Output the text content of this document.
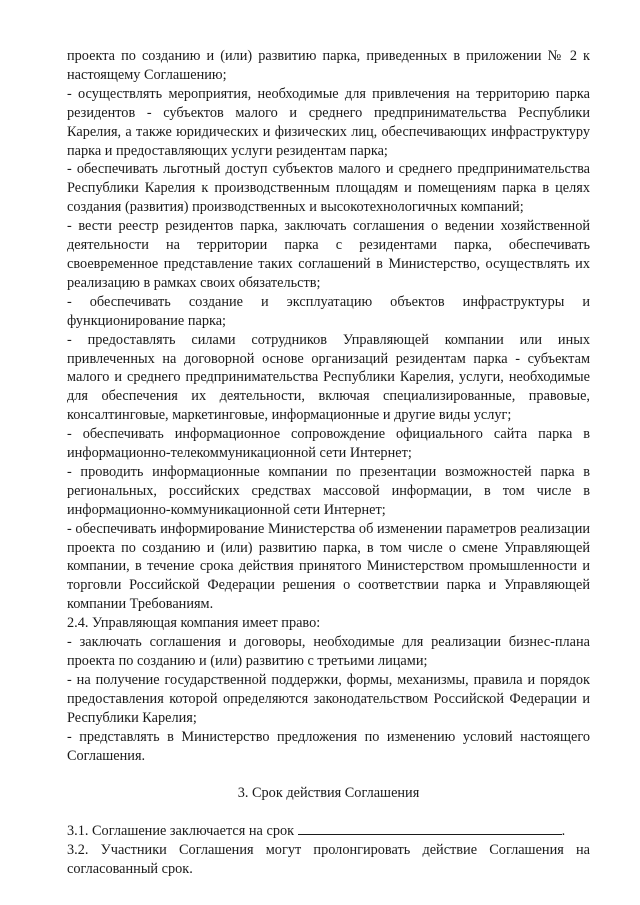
проекта по созданию и (или) развитию парка, приведенных в приложении № 2 к настоящему Соглашению;

- осуществлять мероприятия, необходимые для привлечения на территорию парка резидентов - субъектов малого и среднего предпринимательства Республики Карелия, а также юридических и физических лиц, обеспечивающих инфраструктуру парка и предоставляющих услуги резидентам парка;

- обеспечивать льготный доступ субъектов малого и среднего предпринимательства Республики Карелия к производственным площадям и помещениям парка в целях создания (развития) производственных и высокотехнологичных компаний;

- вести реестр резидентов парка, заключать соглашения о ведении хозяйственной деятельности на территории парка с резидентами парка, обеспечивать своевременное представление таких соглашений в Министерство, осуществлять их реализацию в рамках своих обязательств;

- обеспечивать создание и эксплуатацию объектов инфраструктуры и функционирование парка;

- предоставлять силами сотрудников Управляющей компании или иных привлеченных на договорной основе организаций резидентам парка - субъектам малого и среднего предпринимательства Республики Карелия, услуги, необходимые для обеспечения их деятельности, включая специализированные, правовые, консалтинговые, маркетинговые, информационные и другие виды услуг;

- обеспечивать информационное сопровождение официального сайта парка в информационно-телекоммуникационной сети Интернет;

- проводить информационные компании по презентации возможностей парка в региональных, российских средствах массовой информации, в том числе в информационно-коммуникационной сети Интернет;

- обеспечивать информирование Министерства об изменении параметров реализации проекта по созданию и (или) развитию парка, в том числе о смене Управляющей компании, в течение срока действия принятого Министерством промышленности и торговли Российской Федерации решения о соответствии парка и Управляющей компании Требованиям.

2.4. Управляющая компания имеет право:

- заключать соглашения и договоры, необходимые для реализации бизнес-плана проекта по созданию и (или) развитию с третьими лицами;

- на получение государственной поддержки, формы, механизмы, правила и порядок предоставления которой определяются законодательством Российской Федерации и Республики Карелия;

- представлять в Министерство предложения по изменению условий настоящего Соглашения.

3. Срок действия Соглашения

3.1. Соглашение заключается на срок	.

3.2. Участники Соглашения могут пролонгировать действие Соглашения на согласованный срок.
